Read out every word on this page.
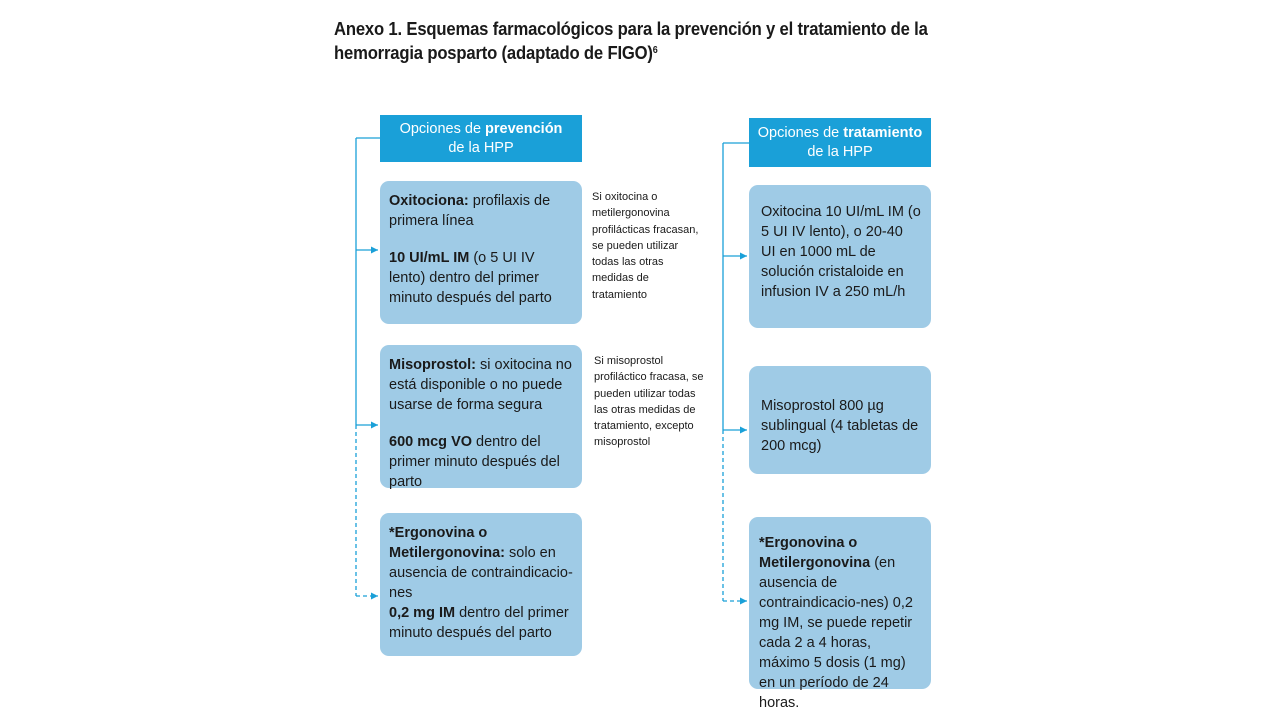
Anexo 1. Esquemas farmacológicos para la prevención y el tratamiento de la
hemorragia posparto (adaptado de FIGO)$^6$
Opciones de prevención
de la HPP

Oxitociona: profilaxis de primera línea

10 UI/mL IM (o 5 UI IV lento) dentro del primer minuto después del parto

Misoprostol: si oxitocina no está disponible o no puede usarse de forma segura

600 mcg VO dentro del primer minuto después del parto

*Ergonovina o Metilergonovina: solo en ausencia de contraindicacio-nes

0,2 mg IM dentro del primer minuto después del parto

Si oxitocina o metilergonovina profilácticas fracasan, se pueden utilizar todas las otras medidas de tratamiento
Si misoprostol profiláctico fracasa, se pueden utilizar todas las otras medidas de tratamiento, excepto misoprostol
Opciones de tratamiento
de la HPP

Oxitocina 10 UI/mL IM (o 5 UI IV lento), o 20-40 UI en 1000 mL de solución cristaloide en infusion IV a 250 mL/h

Misoprostol 800 µg sublingual (4 tabletas de 200 mcg)

*Ergonovina o Metilergonovina (en ausencia de contraindicacio-nes) 0,2 mg IM, se puede repetir cada 2 a 4 horas, máximo 5 dosis (1 mg) en un período de 24 horas.
